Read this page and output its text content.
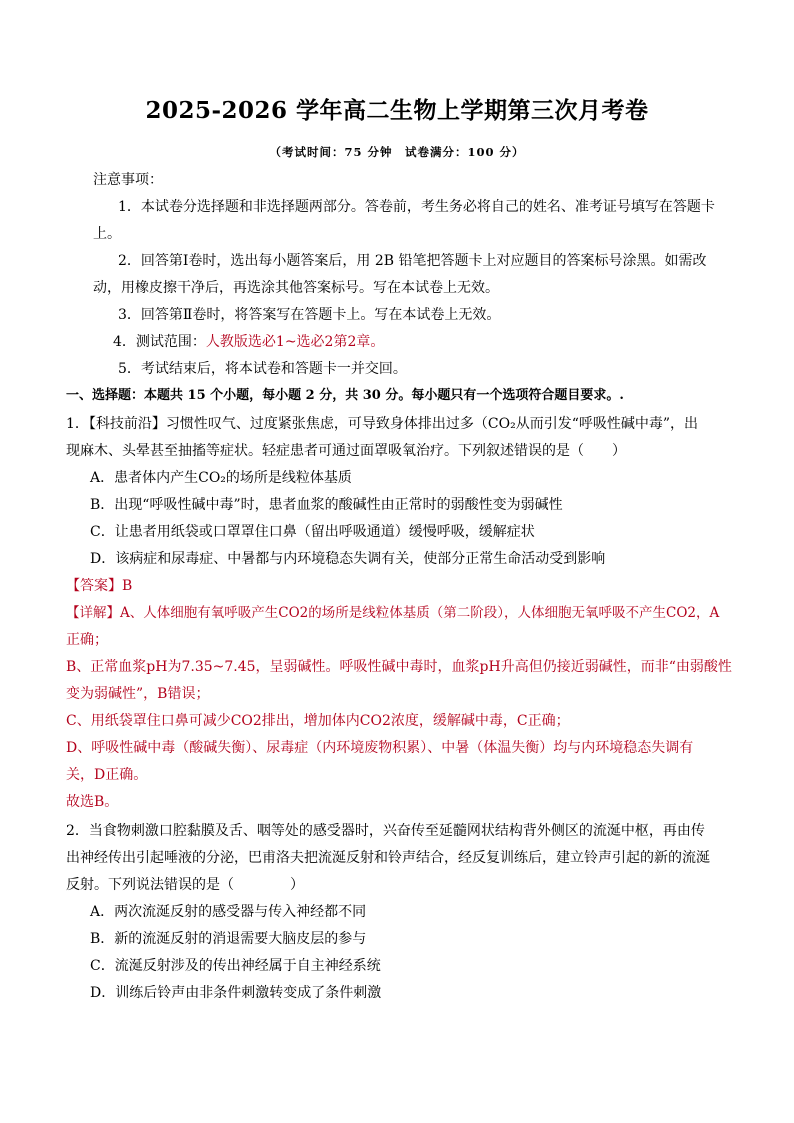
2025-2026 学年高二生物上学期第三次月考卷
（考试时间：75 分钟　试卷满分：100 分）
注意事项：
1．本试卷分选择题和非选择题两部分。答卷前，考生务必将自己的姓名、准考证号填写在答题卡
上。
2．回答第Ⅰ卷时，选出每小题答案后，用 2B 铅笔把答题卡上对应题目的答案标号涂黑。如需改
动，用橡皮擦干净后，再选涂其他答案标号。写在本试卷上无效。
3．回答第Ⅱ卷时，将答案写在答题卡上。写在本试卷上无效。
4．测试范围：人教版选必1~选必2第2章。
5．考试结束后，将本试卷和答题卡一并交回。
一、选择题：本题共 15 个小题，每小题 2 分，共 30 分。每小题只有一个选项符合题目要求。.
1．【科技前沿】习惯性叹气、过度紧张焦虑，可导致身体排出过多（CO₂从而引发“呼吸性碱中毒”，出
现麻木、头晕甚至抽搐等症状。轻症患者可通过面罩吸氧治疗。下列叙述错误的是（　　）
A．患者体内产生CO₂的场所是线粒体基质
B．出现“呼吸性碱中毒”时，患者血浆的酸碱性由正常时的弱酸性变为弱碱性
C．让患者用纸袋或口罩罩住口鼻（留出呼吸通道）缓慢呼吸，缓解症状
D．该病症和尿毒症、中暑都与内环境稳态失调有关，使部分正常生命活动受到影响
【答案】B
【详解】A、人体细胞有氧呼吸产生CO2的场所是线粒体基质（第二阶段），人体细胞无氧呼吸不产生CO2，A
正确；
B、正常血浆pH为7.35~7.45，呈弱碱性。呼吸性碱中毒时，血浆pH升高但仍接近弱碱性，而非“由弱酸性
变为弱碱性”，B错误；
C、用纸袋罩住口鼻可减少CO2排出，增加体内CO2浓度，缓解碱中毒，C正确；
D、呼吸性碱中毒（酸碱失衡）、尿毒症（内环境废物积累）、中暑（体温失衡）均与内环境稳态失调有
关，D正确。
故选B。
2．当食物刺激口腔黏膜及舌、咽等处的感受器时，兴奋传至延髓网状结构背外侧区的流涎中枢，再由传
出神经传出引起唾液的分泌，巴甫洛夫把流涎反射和铃声结合，经反复训练后，建立铃声引起的新的流涎
反射。下列说法错误的是（　　　　）
A．两次流涎反射的感受器与传入神经都不同
B．新的流涎反射的消退需要大脑皮层的参与
C．流涎反射涉及的传出神经属于自主神经系统
D．训练后铃声由非条件刺激转变成了条件刺激
